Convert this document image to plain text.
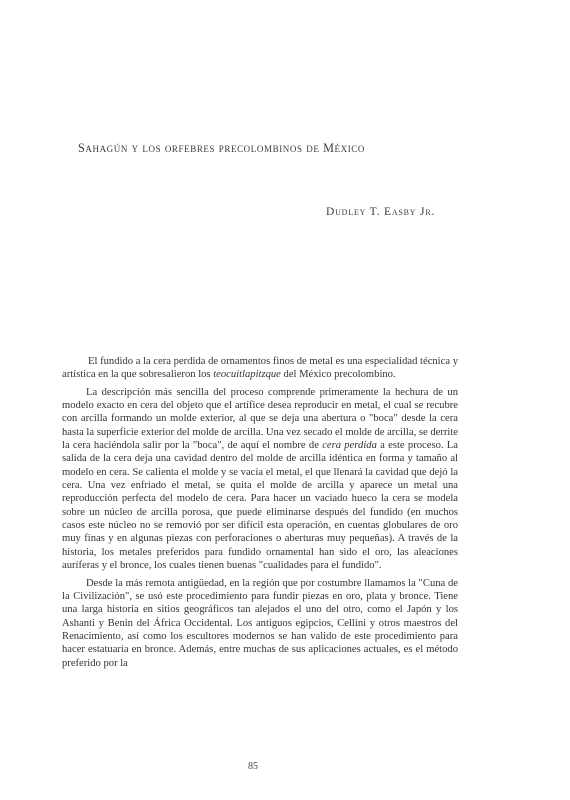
Sahagún y los orfebres precolombinos de México
Dudley T. Easby Jr.

El fundido a la cera perdida de ornamentos finos de metal es una especialidad técnica y artística en la que sobresalieron los teocuitlapitzque del México precolombino.

La descripción más sencilla del proceso comprende primeramente la hechura de un modelo exacto en cera del objeto que el artífice desea reproducir en metal, el cual se recubre con arcilla formando un molde exterior, al que se deja una abertura o "boca" desde la cera hasta la superficie exterior del molde de arcilla. Una vez secado el molde de arcilla, se derrite la cera haciéndola salir por la "boca", de aquí el nombre de cera perdida a este proceso. La salida de la cera deja una cavidad dentro del molde de arcilla idéntica en forma y tamaño al modelo en cera. Se calienta el molde y se vacía el metal, el que llenará la cavidad que dejó la cera. Una vez enfriado el metal, se quita el molde de arcilla y aparece un metal una reproducción perfecta del modelo de cera. Para hacer un vaciado hueco la cera se modela sobre un núcleo de arcilla porosa, que puede eliminarse después del fundido (en muchos casos este núcleo no se removió por ser difícil esta operación, en cuentas globulares de oro muy finas y en algunas piezas con perforaciones o aberturas muy pequeñas). A través de la historia, los metales preferidos para fundido ornamental han sido el oro, las aleaciones auríferas y el bronce, los cuales tienen buenas "cualidades para el fundido".

Desde la más remota antigüedad, en la región que por costumbre llamamos la "Cuna de la Civilización", se usó este procedimiento para fundir piezas en oro, plata y bronce. Tiene una larga historia en sitios geográficos tan alejados el uno del otro, como el Japón y los Ashanti y Benin del África Occidental. Los antiguos egipcios, Cellini y otros maestros del Renacimiento, así como los escultores modernos se han valido de este procedimiento para hacer estatuaria en bronce. Además, entre muchas de sus aplicaciones actuales, es el método preferido por la

85
